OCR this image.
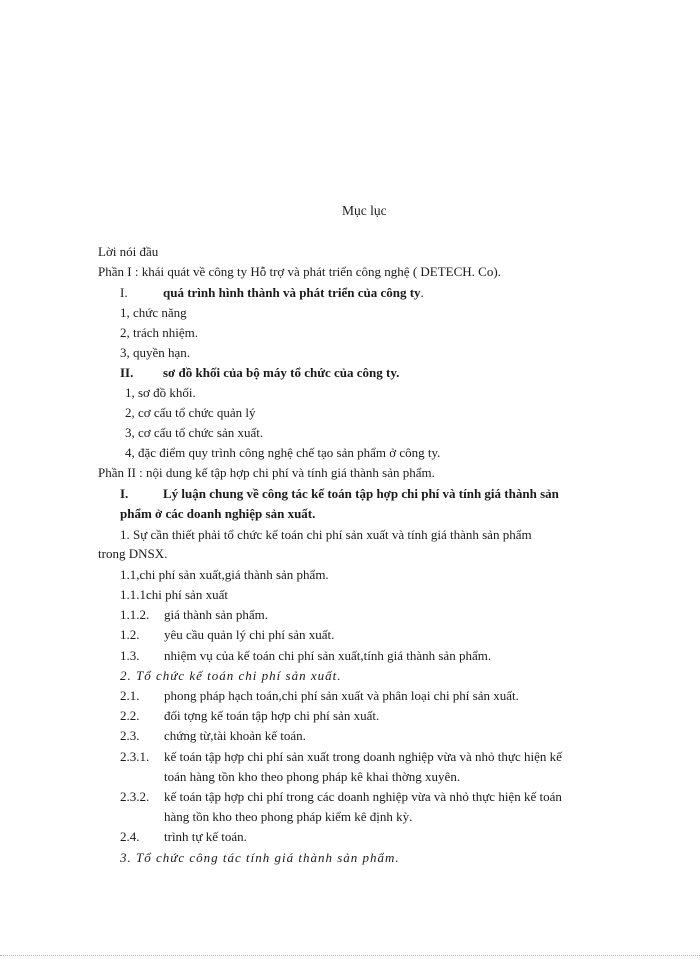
Mục lục
Lời nói đầu
Phần I : khái quát về công ty Hỗ trợ và phát triển công nghệ ( DETECH. Co).
I.	quá trình hình thành và phát triển của công ty.
1, chức năng
2, trách nhiệm.
3, quyền hạn.
II. sơ đồ khối của bộ máy tổ chức của công ty.
1, sơ đồ khối.
2, cơ cấu tổ chức quản lý
3, cơ cấu tổ chức sản xuất.
4, đặc điểm quy trình công nghệ chế tạo sản phẩm ở công ty.
Phần II : nội dung kế tập hợp chi phí và tính giá thành sản phẩm.
I.	Lý luận chung về công tác kế toán tập hợp chi phí và tính giá thành sản
phẩm ở các doanh nghiệp sản xuất.
1. Sự cần thiết phải tổ chức kế toán chi phí sản xuất và tính giá thành sản phẩm
trong DNSX.
1.1,chi phí sản xuất,giá thành sản phẩm.
1.1.1chi phí sản xuất
1.1.2. giá thành sản phẩm.
1.2. yêu cầu quản lý chi phí sản xuất.
1.3. nhiệm vụ của kế toán chi phí sản xuất,tính giá thành sản phẩm.
2. Tổ chức kế toán chi phí sản xuất.
2.1. phong pháp hạch toán,chi phí sản xuất và phân loại chi phí sản xuất.
2.2. đối tợng kế toán tập hợp chi phí sản xuất.
2.3. chứng từ,tài khoản kế toán.
2.3.1. kế toán tập hợp chi phí sản xuất trong doanh nghiệp vừa và nhỏ thực hiện kế
toán hàng tồn kho theo phong pháp kê khai thờng xuyên.
2.3.2. kế toán tập hợp chi phí trong các doanh nghiệp vừa và nhỏ thực hiện kế toán
hàng tồn kho theo phong pháp kiểm kê định kỳ.
2.4. trình tự kế toán.
3. Tổ chức công tác tính giá thành sản phẩm.
